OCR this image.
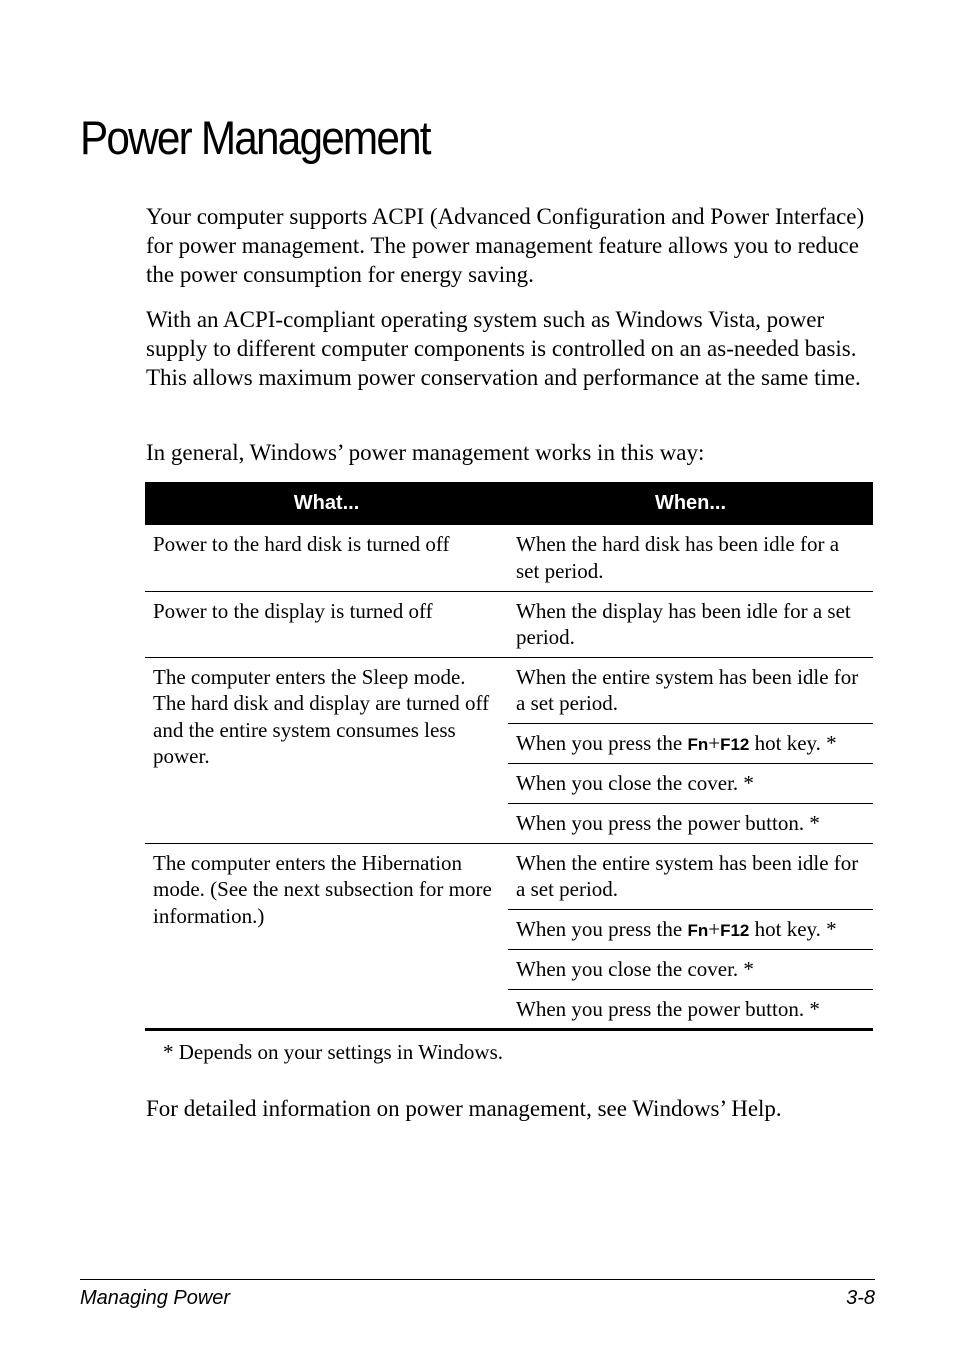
Power Management

Your computer supports ACPI (Advanced Configuration and Power Interface) for power management. The power management feature allows you to reduce the power consumption for energy saving.

With an ACPI-compliant operating system such as Windows Vista, power supply to different computer components is controlled on an as-needed basis. This allows maximum power conservation and performance at the same time.

In general, Windows’ power management works in this way:

What...	When...
Power to the hard disk is turned off	When the hard disk has been idle for a set period.
Power to the display is turned off	When the display has been idle for a set period.
The computer enters the Sleep mode. The hard disk and display are turned off and the entire system consumes less power.	When the entire system has been idle for a set period.
	When you press the Fn+F12 hot key. *
	When you close the cover. *
	When you press the power button. *
The computer enters the Hibernation mode. (See the next subsection for more information.)	When the entire system has been idle for a set period.
	When you press the Fn+F12 hot key. *
	When you close the cover. *
	When you press the power button. *

* Depends on your settings in Windows.

For detailed information on power management, see Windows’ Help.

Managing Power	3-8
